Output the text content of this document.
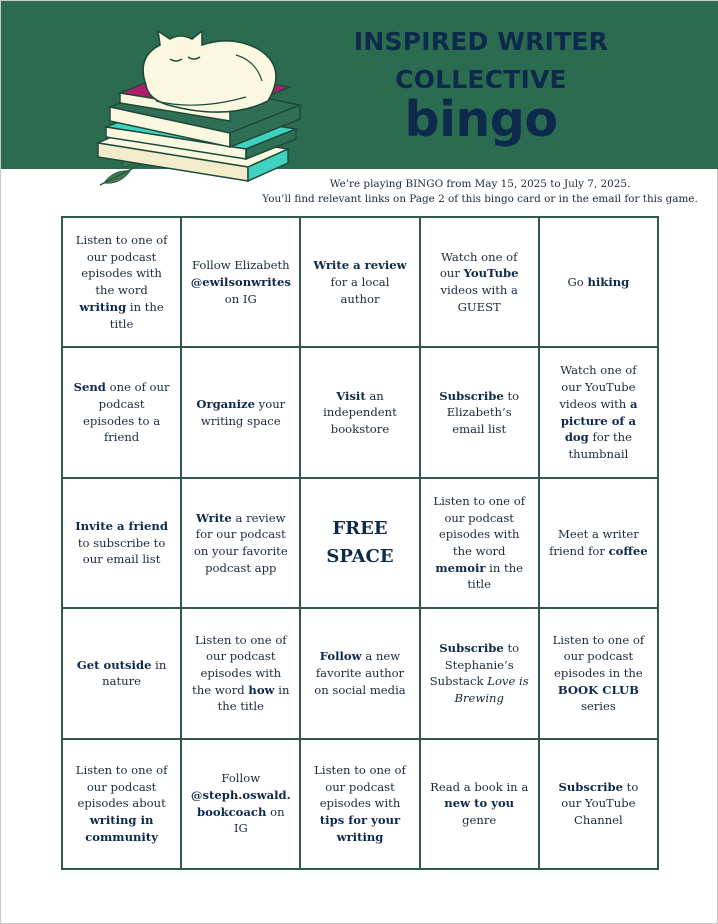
INSPIRED WRITER
COLLECTIVE
bingo
We’re playing BINGO from May 15, 2025 to July 7, 2025.
You’ll find relevant links on Page 2 of this bingo card or in the email for this game.
Listen to one of our podcast episodes with the word writing in the title
Follow Elizabeth @ewilsonwrites on IG
Write a review for a local author
Watch one of our YouTube videos with a GUEST
Go hiking
Send one of our podcast episodes to a friend
Organize your writing space
Visit an independent bookstore
Subscribe to Elizabeth’s email list
Watch one of our YouTube videos with a picture of a dog for the thumbnail
Invite a friend to subscribe to our email list
Write a review for our podcast on your favorite podcast app
FREE SPACE
Listen to one of our podcast episodes with the word memoir in the title
Meet a writer friend for coffee
Get outside in nature
Listen to one of our podcast episodes with the word how in the title
Follow a new favorite author on social media
Subscribe to Stephanie’s Substack Love is Brewing
Listen to one of our podcast episodes in the BOOK CLUB series
Listen to one of our podcast episodes about writing in community
Follow @steph.oswald. bookcoach on IG
Listen to one of our podcast episodes with tips for your writing
Read a book in a new to you genre
Subscribe to our YouTube Channel
